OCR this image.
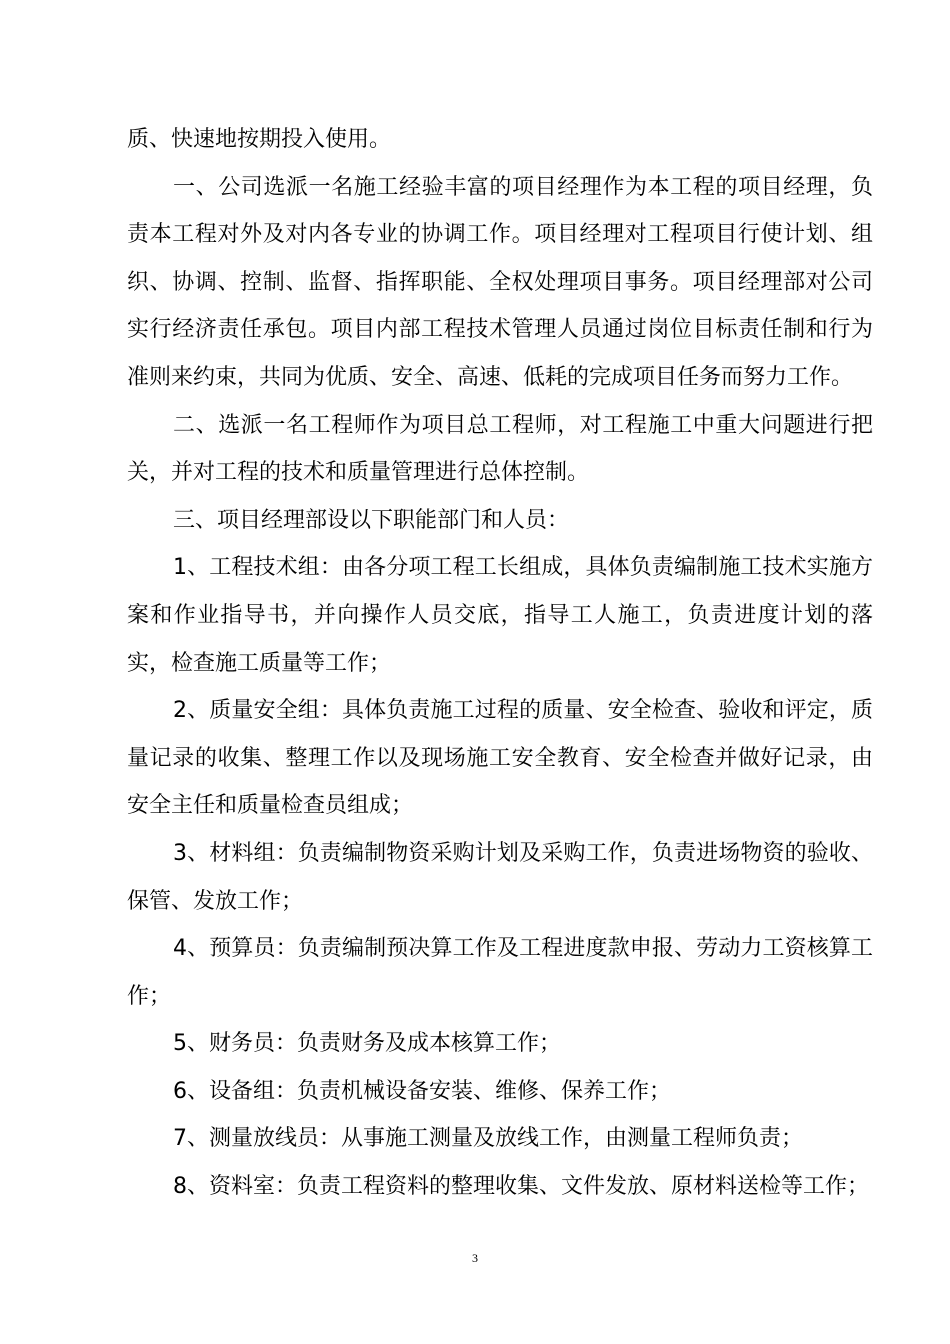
质、快速地按期投入使用。

一、公司选派一名施工经验丰富的项目经理作为本工程的项目经理，负责本工程对外及对内各专业的协调工作。项目经理对工程项目行使计划、组织、协调、控制、监督、指挥职能、全权处理项目事务。项目经理部对公司实行经济责任承包。项目内部工程技术管理人员通过岗位目标责任制和行为准则来约束，共同为优质、安全、高速、低耗的完成项目任务而努力工作。

二、选派一名工程师作为项目总工程师，对工程施工中重大问题进行把关，并对工程的技术和质量管理进行总体控制。

三、项目经理部设以下职能部门和人员：

1、工程技术组：由各分项工程工长组成，具体负责编制施工技术实施方案和作业指导书，并向操作人员交底，指导工人施工，负责进度计划的落实，检查施工质量等工作；

2、质量安全组：具体负责施工过程的质量、安全检查、验收和评定，质量记录的收集、整理工作以及现场施工安全教育、安全检查并做好记录，由安全主任和质量检查员组成；

3、材料组：负责编制物资采购计划及采购工作，负责进场物资的验收、保管、发放工作；

4、预算员：负责编制预决算工作及工程进度款申报、劳动力工资核算工作；

5、财务员：负责财务及成本核算工作；

6、设备组：负责机械设备安装、维修、保养工作；

7、测量放线员：从事施工测量及放线工作，由测量工程师负责；

8、资料室：负责工程资料的整理收集、文件发放、原材料送检等工作；

3
